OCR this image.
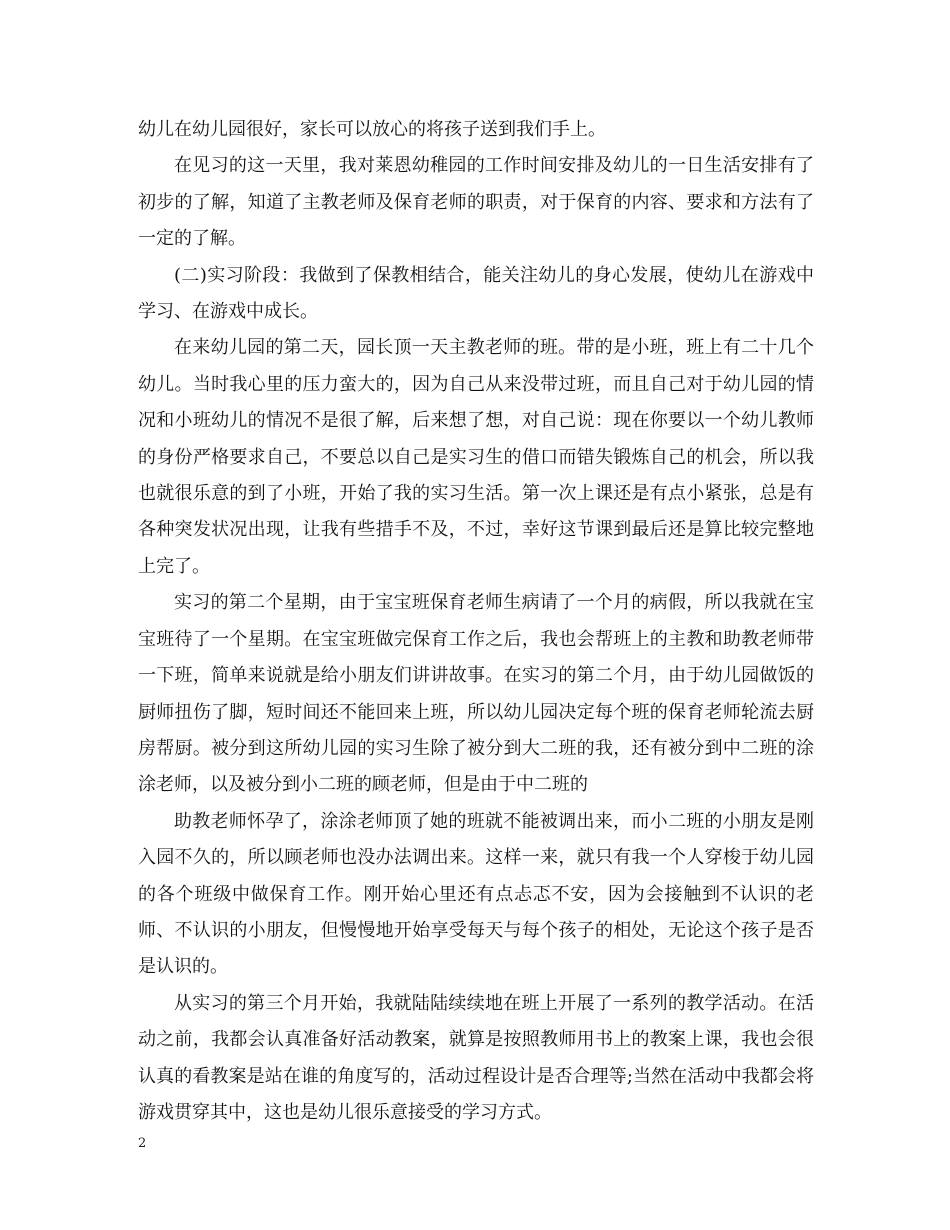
幼儿在幼儿园很好，家长可以放心的将孩子送到我们手上。

在见习的这一天里，我对莱恩幼稚园的工作时间安排及幼儿的一日生活安排有了初步的了解，知道了主教老师及保育老师的职责，对于保育的内容、要求和方法有了一定的了解。

(二)实习阶段：我做到了保教相结合，能关注幼儿的身心发展，使幼儿在游戏中学习、在游戏中成长。

在来幼儿园的第二天，园长顶一天主教老师的班。带的是小班，班上有二十几个幼儿。当时我心里的压力蛮大的，因为自己从来没带过班，而且自己对于幼儿园的情况和小班幼儿的情况不是很了解，后来想了想，对自己说：现在你要以一个幼儿教师的身份严格要求自己，不要总以自己是实习生的借口而错失锻炼自己的机会，所以我也就很乐意的到了小班，开始了我的实习生活。第一次上课还是有点小紧张，总是有各种突发状况出现，让我有些措手不及，不过，幸好这节课到最后还是算比较完整地上完了。

实习的第二个星期，由于宝宝班保育老师生病请了一个月的病假，所以我就在宝宝班待了一个星期。在宝宝班做完保育工作之后，我也会帮班上的主教和助教老师带一下班，简单来说就是给小朋友们讲讲故事。在实习的第二个月，由于幼儿园做饭的厨师扭伤了脚，短时间还不能回来上班，所以幼儿园决定每个班的保育老师轮流去厨房帮厨。被分到这所幼儿园的实习生除了被分到大二班的我，还有被分到中二班的涂涂老师，以及被分到小二班的顾老师，但是由于中二班的

助教老师怀孕了，涂涂老师顶了她的班就不能被调出来，而小二班的小朋友是刚入园不久的，所以顾老师也没办法调出来。这样一来，就只有我一个人穿梭于幼儿园的各个班级中做保育工作。刚开始心里还有点忐忑不安，因为会接触到不认识的老师、不认识的小朋友，但慢慢地开始享受每天与每个孩子的相处，无论这个孩子是否是认识的。

从实习的第三个月开始，我就陆陆续续地在班上开展了一系列的教学活动。在活动之前，我都会认真准备好活动教案，就算是按照教师用书上的教案上课，我也会很认真的看教案是站在谁的角度写的，活动过程设计是否合理等;当然在活动中我都会将游戏贯穿其中，这也是幼儿很乐意接受的学习方式。

2
